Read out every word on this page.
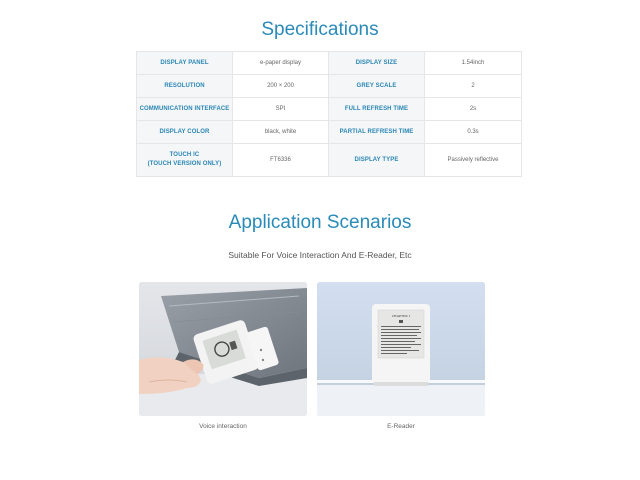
Specifications
DISPLAY PANEL	e-paper display	DISPLAY SIZE	1.54inch
RESOLUTION	200 × 200	GREY SCALE	2
COMMUNICATION INTERFACE	SPI	FULL REFRESH TIME	2s
DISPLAY COLOR	black, white	PARTIAL REFRESH TIME	0.3s

TOUCH IC
(TOUCH VERSION ONLY)	FT6336	DISPLAY TYPE	Passively reflective
Application Scenarios
Suitable For Voice Interaction And E-Reader, Etc
CHAPTER 1
Voice interaction	E-Reader
